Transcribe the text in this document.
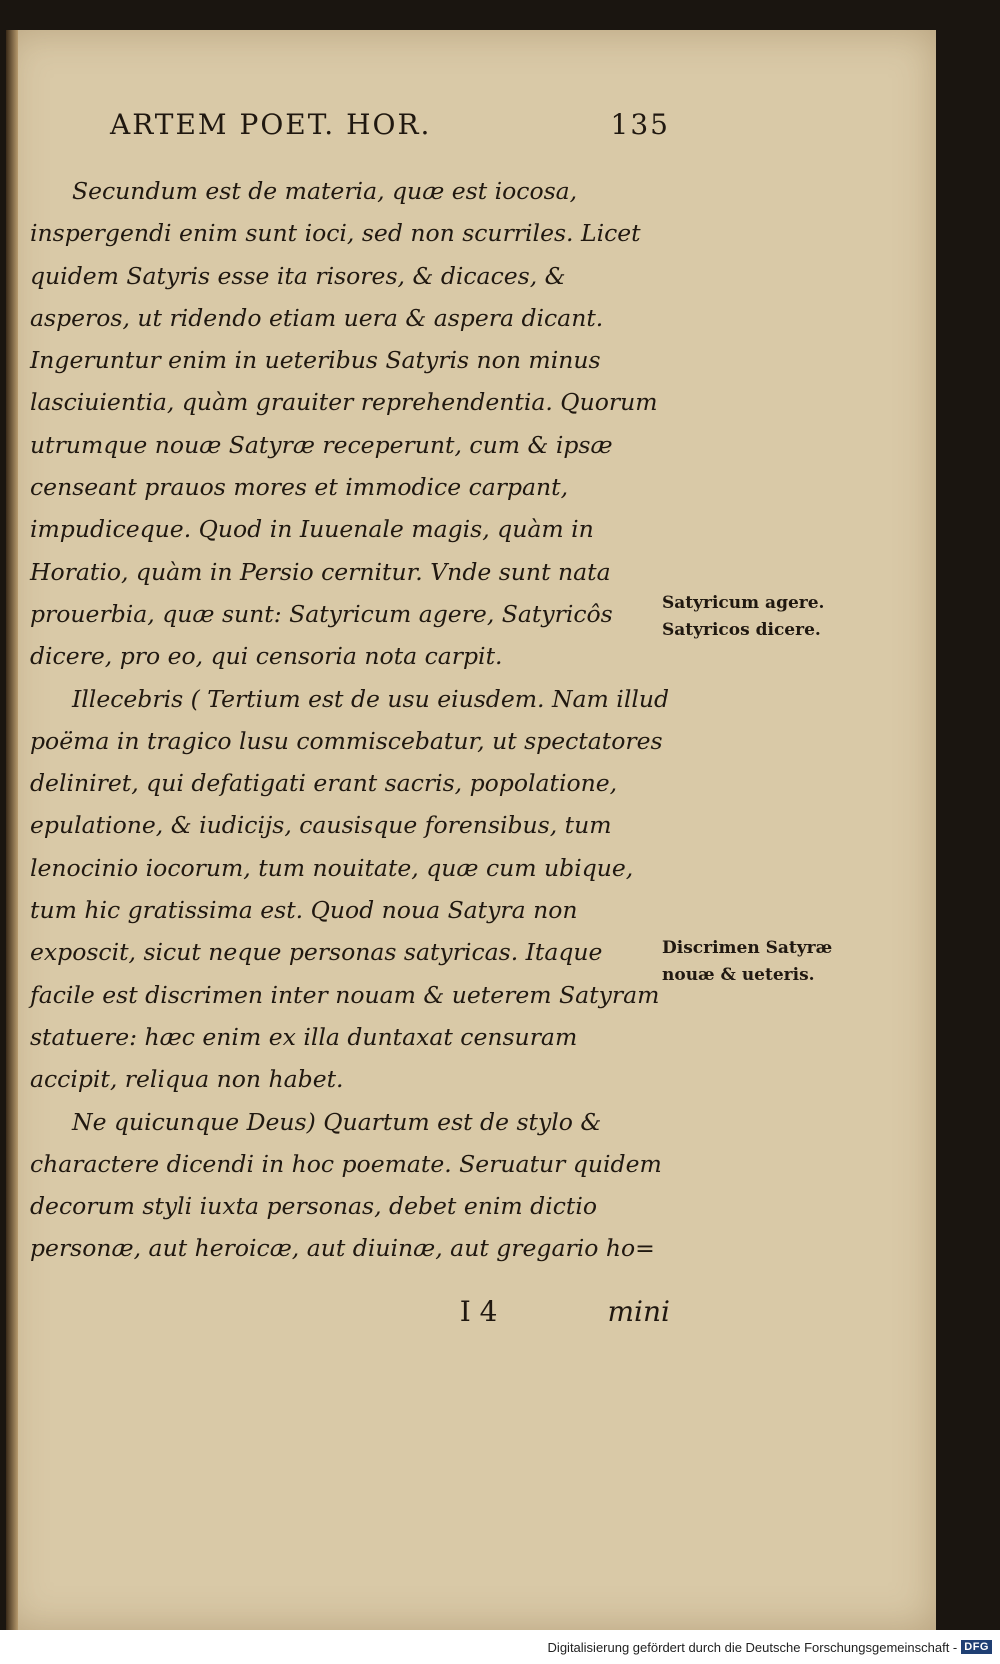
ARTEM POET. HOR.	135

Secundum est de materia, quæ est iocosa, inspergendi enim sunt ioci, sed non scurriles. Licet quidem Satyris esse ita risores, & dicaces, & asperos, ut ridendo etiam uera & aspera dicant. Ingeruntur enim in ueteribus Satyris non minus lasciuientia, quàm grauiter reprehendentia. Quorum utrumque nouæ Satyræ receperunt, cum & ipsæ censeant prauos mores et immodice carpant, impudiceque. Quod in Iuuenale magis, quàm in Horatio, quàm in Persio cernitur. Vnde sunt nata prouerbia, quæ sunt: Satyricum agere, Satyricôs dicere, pro eo, qui censoria nota carpit.

Illecebris ( Tertium est de usu eiusdem. Nam illud poëma in tragico lusu commiscebatur, ut spectatores deliniret, qui defatigati erant sacris, popolatione, epulatione, & iudicijs, causisque forensibus, tum lenocinio iocorum, tum nouitate, quæ cum ubique, tum hic gratissima est. Quod noua Satyra non exposcit, sicut neque personas satyricas. Itaque facile est discrimen inter nouam & ueterem Satyram statuere: hæc enim ex illa duntaxat censuram accipit, reliqua non habet.

Ne quicunque Deus) Quartum est de stylo & charactere dicendi in hoc poemate. Seruatur quidem decorum styli iuxta personas, debet enim dictio personæ, aut heroicæ, aut diuinæ, aut gregario ho=

I 4	mini
Satyricum agere. Satyricos dicere.
Discrimen Satyræ nouæ & ueteris.
Digitalisierung gefördert durch die Deutsche Forschungsgemeinschaft - DFG
